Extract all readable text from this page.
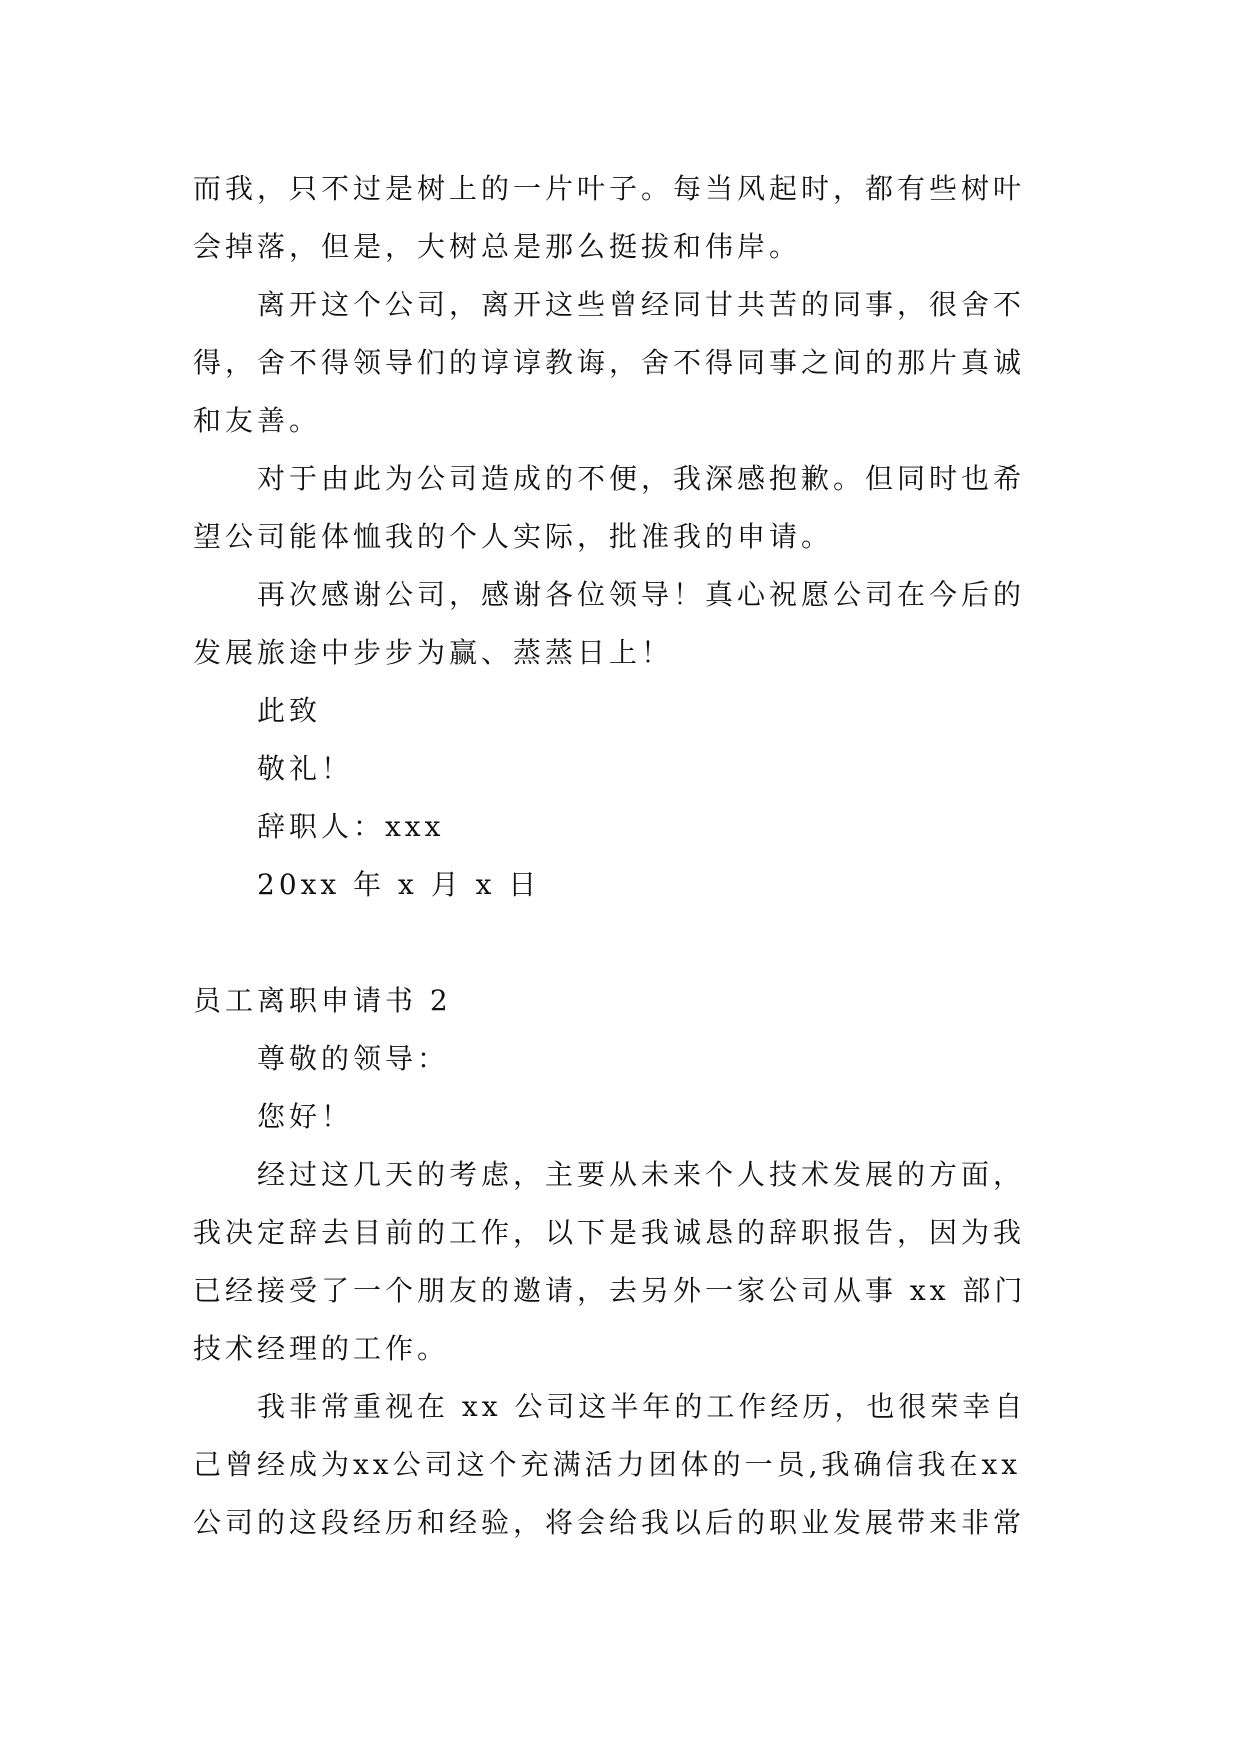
而我，只不过是树上的一片叶子。每当风起时，都有些树叶
会掉落，但是，大树总是那么挺拔和伟岸。
离开这个公司，离开这些曾经同甘共苦的同事，很舍不
得，舍不得领导们的谆谆教诲，舍不得同事之间的那片真诚
和友善。
对于由此为公司造成的不便，我深感抱歉。但同时也希
望公司能体恤我的个人实际，批准我的申请。
再次感谢公司，感谢各位领导！真心祝愿公司在今后的
发展旅途中步步为赢、蒸蒸日上！
此致
敬礼！
辞职人：xxx
20xx 年 x 月 x 日
员工离职申请书 2
尊敬的领导：
您好！
经过这几天的考虑，主要从未来个人技术发展的方面，
我决定辞去目前的工作，以下是我诚恳的辞职报告，因为我
已经接受了一个朋友的邀请，去另外一家公司从事 xx 部门
技术经理的工作。
我非常重视在 xx 公司这半年的工作经历，也很荣幸自
己曾经成为xx公司这个充满活力团体的一员,我确信我在xx
公司的这段经历和经验，将会给我以后的职业发展带来非常
